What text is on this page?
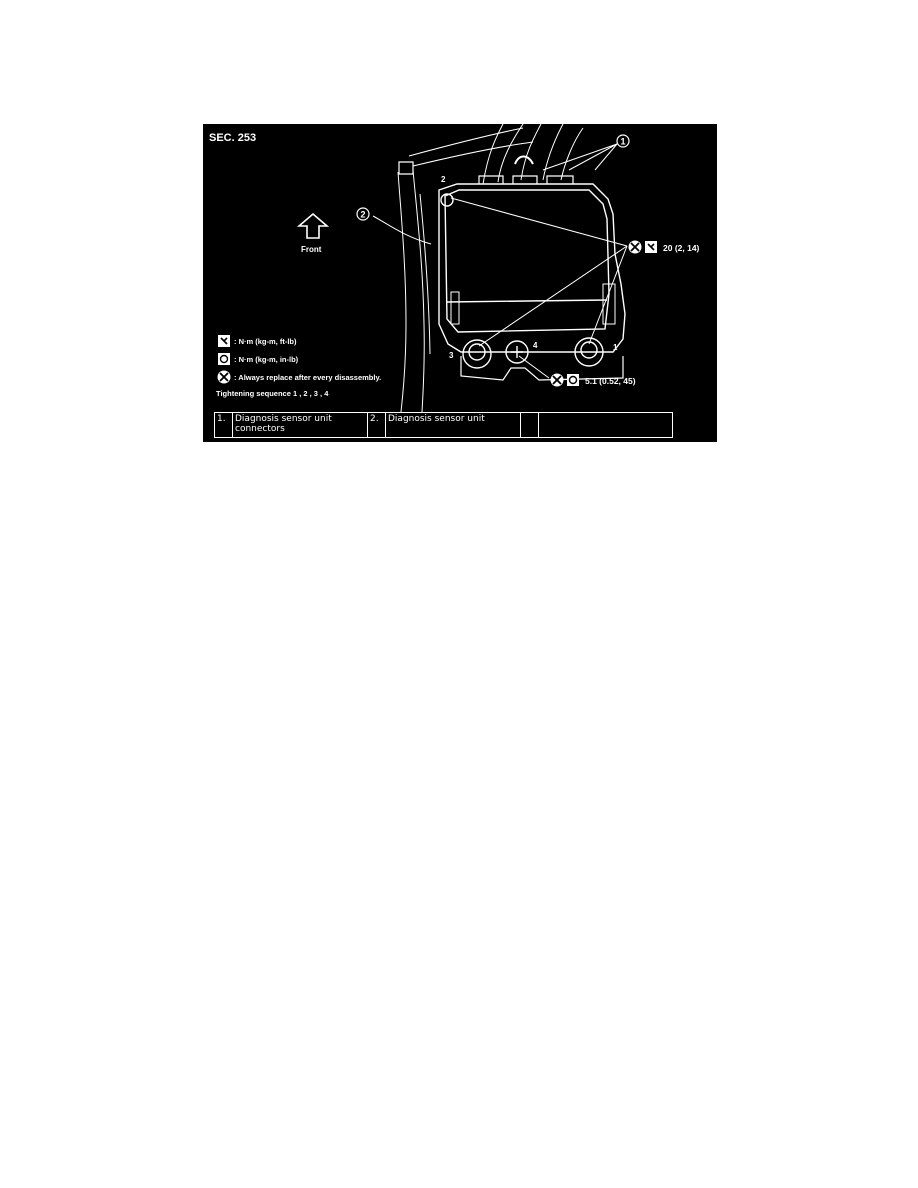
SEC. 253
Front
1
2
2
1
3
4
20 (2, 14)
5.1 (0.52, 45)
: N·m (kg-m, ft-lb)
: N·m (kg-m, in-lb)
: Always replace after every disassembly.
Tightening sequence 1 , 2 , 3 , 4
1.	Diagnosis sensor unit connectors	2.	Diagnosis sensor unit		
